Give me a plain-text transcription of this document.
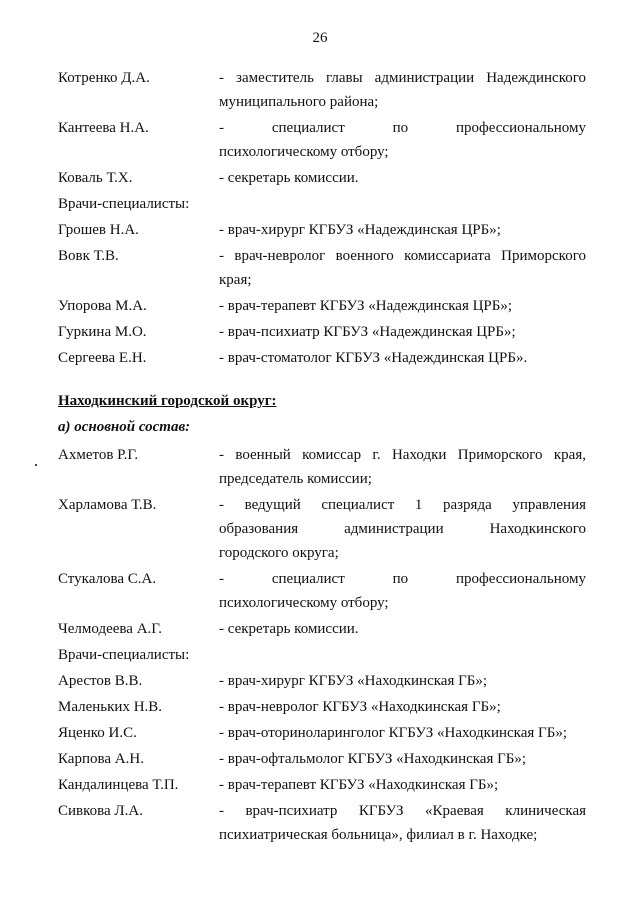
26
Котренко Д.А.	- заместитель главы администрации Надеждинского
муниципального района;
Кантеева Н.А.	- специалист по профессиональному
психологическому отбору;
Коваль Т.Х.	- секретарь комиссии.
Врачи-специалисты:
Грошев Н.А.	- врач-хирург КГБУЗ «Надеждинская ЦРБ»;
Вовк Т.В.	- врач-невролог военного комиссариата Приморского
края;
Упорова М.А.	- врач-терапевт КГБУЗ «Надеждинская ЦРБ»;
Гуркина М.О.	- врач-психиатр КГБУЗ «Надеждинская ЦРБ»;
Сергеева Е.Н.	- врач-стоматолог КГБУЗ «Надеждинская ЦРБ».
Находкинский городской округ:
а) основной состав:
Ахметов Р.Г.	- военный комиссар г. Находки Приморского края,
председатель комиссии;
Харламова Т.В.	- ведущий специалист 1 разряда управления
образования администрации Находкинского
городского округа;
Стукалова С.А.	- специалист по профессиональному
психологическому отбору;
Челмодеева А.Г.	- секретарь комиссии.
Врачи-специалисты:
Арестов В.В.	- врач-хирург КГБУЗ «Находкинская ГБ»;
Маленьких Н.В.	- врач-невролог КГБУЗ «Находкинская ГБ»;
Яценко И.С.	- врач-оториноларинголог КГБУЗ «Находкинская ГБ»;
Карпова А.Н.	- врач-офтальмолог КГБУЗ «Находкинская ГБ»;
Кандалинцева Т.П.	- врач-терапевт КГБУЗ «Находкинская ГБ»;
Сивкова Л.А.	- врач-психиатр КГБУЗ «Краевая клиническая
психиатрическая больница», филиал в г. Находке;
